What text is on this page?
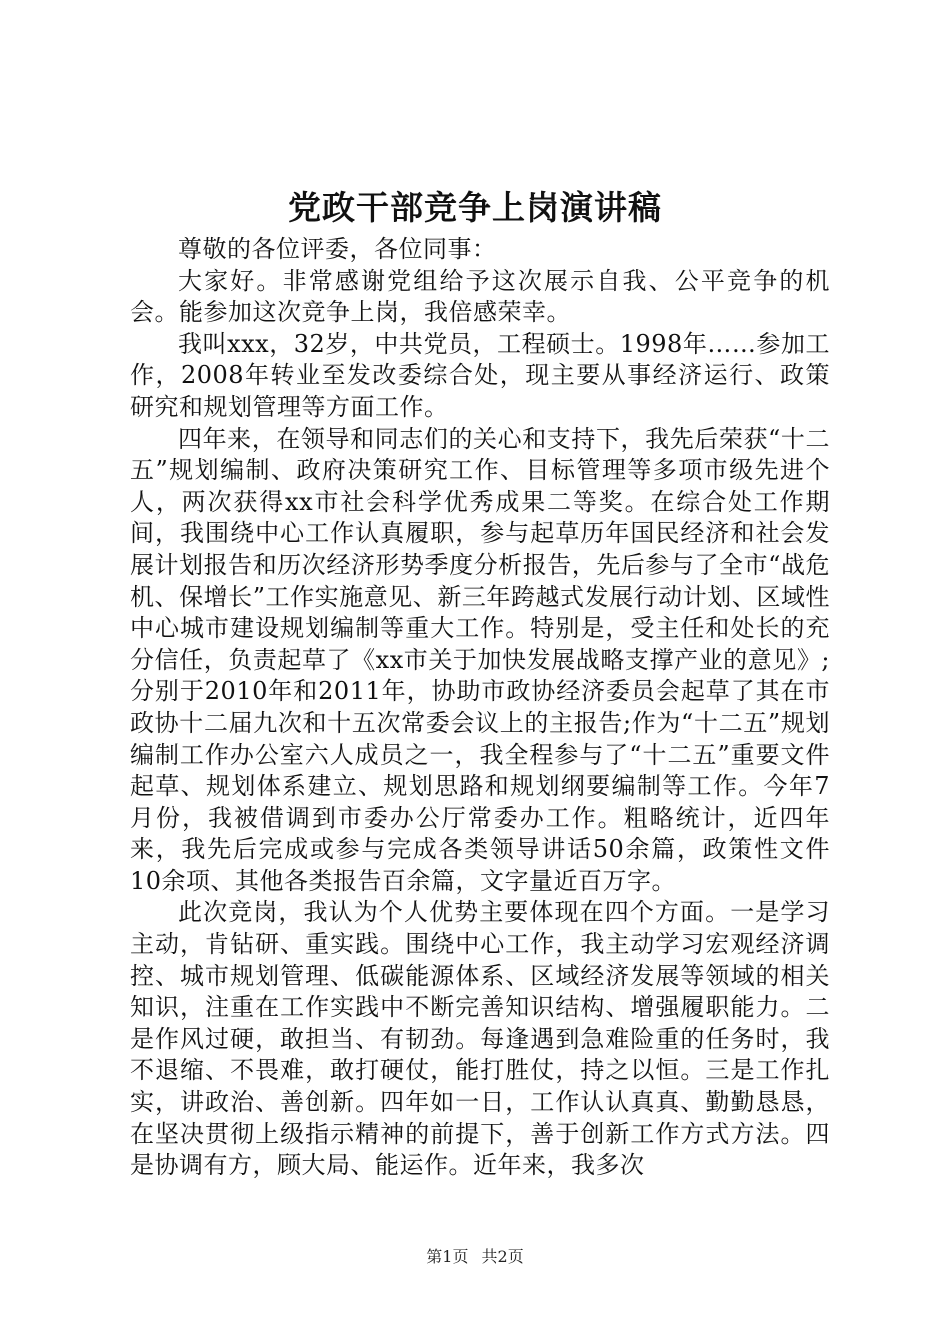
党政干部竞争上岗演讲稿

尊敬的各位评委，各位同事：

大家好。非常感谢党组给予这次展示自我、公平竞争的机会。能参加这次竞争上岗，我倍感荣幸。

我叫xxx，32岁，中共党员，工程硕士。1998年……参加工作，2008年转业至发改委综合处，现主要从事经济运行、政策研究和规划管理等方面工作。

四年来，在领导和同志们的关心和支持下，我先后荣获“十二五”规划编制、政府决策研究工作、目标管理等多项市级先进个人，两次获得xx市社会科学优秀成果二等奖。在综合处工作期间，我围绕中心工作认真履职，参与起草历年国民经济和社会发展计划报告和历次经济形势季度分析报告，先后参与了全市“战危机、保增长”工作实施意见、新三年跨越式发展行动计划、区域性中心城市建设规划编制等重大工作。特别是，受主任和处长的充分信任，负责起草了《xx市关于加快发展战略支撑产业的意见》;分别于2010年和2011年，协助市政协经济委员会起草了其在市政协十二届九次和十五次常委会议上的主报告;作为“十二五”规划编制工作办公室六人成员之一，我全程参与了“十二五”重要文件起草、规划体系建立、规划思路和规划纲要编制等工作。今年7月份，我被借调到市委办公厅常委办工作。粗略统计，近四年来，我先后完成或参与完成各类领导讲话50余篇，政策性文件10余项、其他各类报告百余篇，文字量近百万字。

此次竞岗，我认为个人优势主要体现在四个方面。一是学习主动，肯钻研、重实践。围绕中心工作，我主动学习宏观经济调控、城市规划管理、低碳能源体系、区域经济发展等领域的相关知识，注重在工作实践中不断完善知识结构、增强履职能力。二是作风过硬，敢担当、有韧劲。每逢遇到急难险重的任务时，我不退缩、不畏难，敢打硬仗，能打胜仗，持之以恒。三是工作扎实，讲政治、善创新。四年如一日，工作认认真真、勤勤恳恳，在坚决贯彻上级指示精神的前提下，善于创新工作方式方法。四是协调有方，顾大局、能运作。近年来，我多次

第1页 共2页
